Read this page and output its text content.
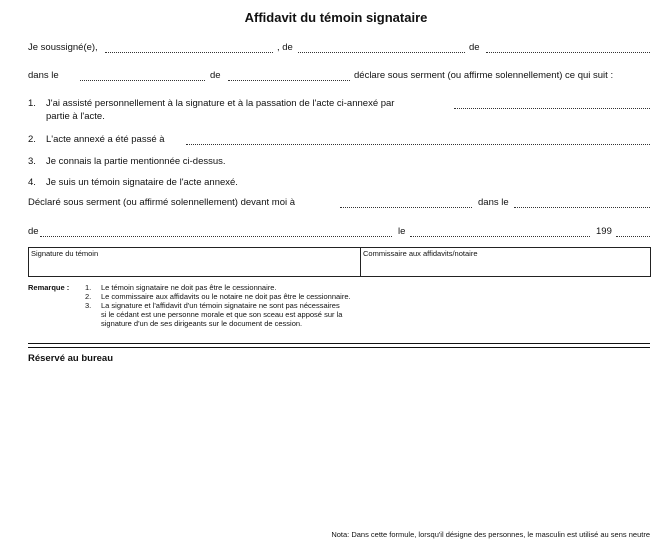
Affidavit du témoin signataire
Je soussigné(e),	, de	de
dans le	de	déclare sous serment (ou affirme solennellement) ce qui suit :
1. J'ai assisté personnellement à la signature et à la passation de l'acte ci-annexé par
partie à l'acte.
2. L'acte annexé a été passé à
3. Je connais la partie mentionnée ci-dessus.
4. Je suis un témoin signataire de l'acte annexé.
Déclaré sous serment (ou affirmé solennellement) devant moi à	dans le
de	le	199
Signature du témoin	Commissaire aux affidavits/notaire
Remarque : 1. Le témoin signataire ne doit pas être le cessionnaire.
2. Le commissaire aux affidavits ou le notaire ne doit pas être le cessionnaire.
3. La signature et l'affidavit d'un témoin signataire ne sont pas nécessaires
si le cédant est une personne morale et que son sceau est apposé sur la
signature d'un de ses dirigeants sur le document de cession.
Réservé au bureau
Nota: Dans cette formule, lorsqu'il désigne des personnes, le masculin est utilisé au sens neutre
